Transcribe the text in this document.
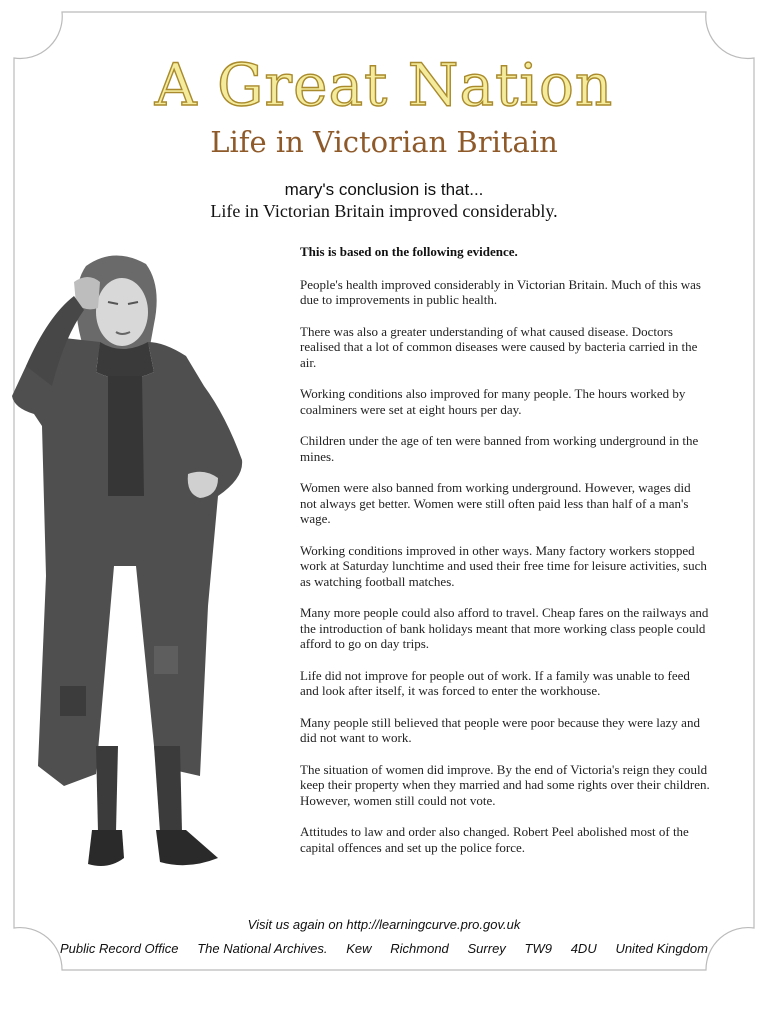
A Great Nation
Life in Victorian Britain
mary's conclusion is that...
Life in Victorian Britain improved considerably.
This is based on the following evidence.

People's health improved considerably in Victorian Britain. Much of this was due to improvements in public health.

There was also a greater understanding of what caused disease. Doctors realised that a lot of common diseases were caused by bacteria carried in the air.

Working conditions also improved for many people. The hours worked by coalminers were set at eight hours per day.

Children under the age of ten were banned from working underground in the mines.

Women were also banned from working underground. However, wages did not always get better. Women were still often paid less than half of a man's wage.

Working conditions improved in other ways. Many factory workers stopped work at Saturday lunchtime and used their free time for leisure activities, such as watching football matches.

Many more people could also afford to travel. Cheap fares on the railways and the introduction of bank holidays meant that more working class people could afford to go on day trips.

Life did not improve for people out of work. If a family was unable to feed and look after itself, it was forced to enter the workhouse.

Many people still believed that people were poor because they were lazy and did not want to work.

The situation of women did improve. By the end of Victoria's reign they could keep their property when they married and had some rights over their children. However, women still could not vote.

Attitudes to law and order also changed. Robert Peel abolished most of the capital offences and set up the police force.

Visit us again on http://learningcurve.pro.gov.uk
Public Record Office The National Archives. Kew Richmond Surrey TW9 4DU United Kingdom
